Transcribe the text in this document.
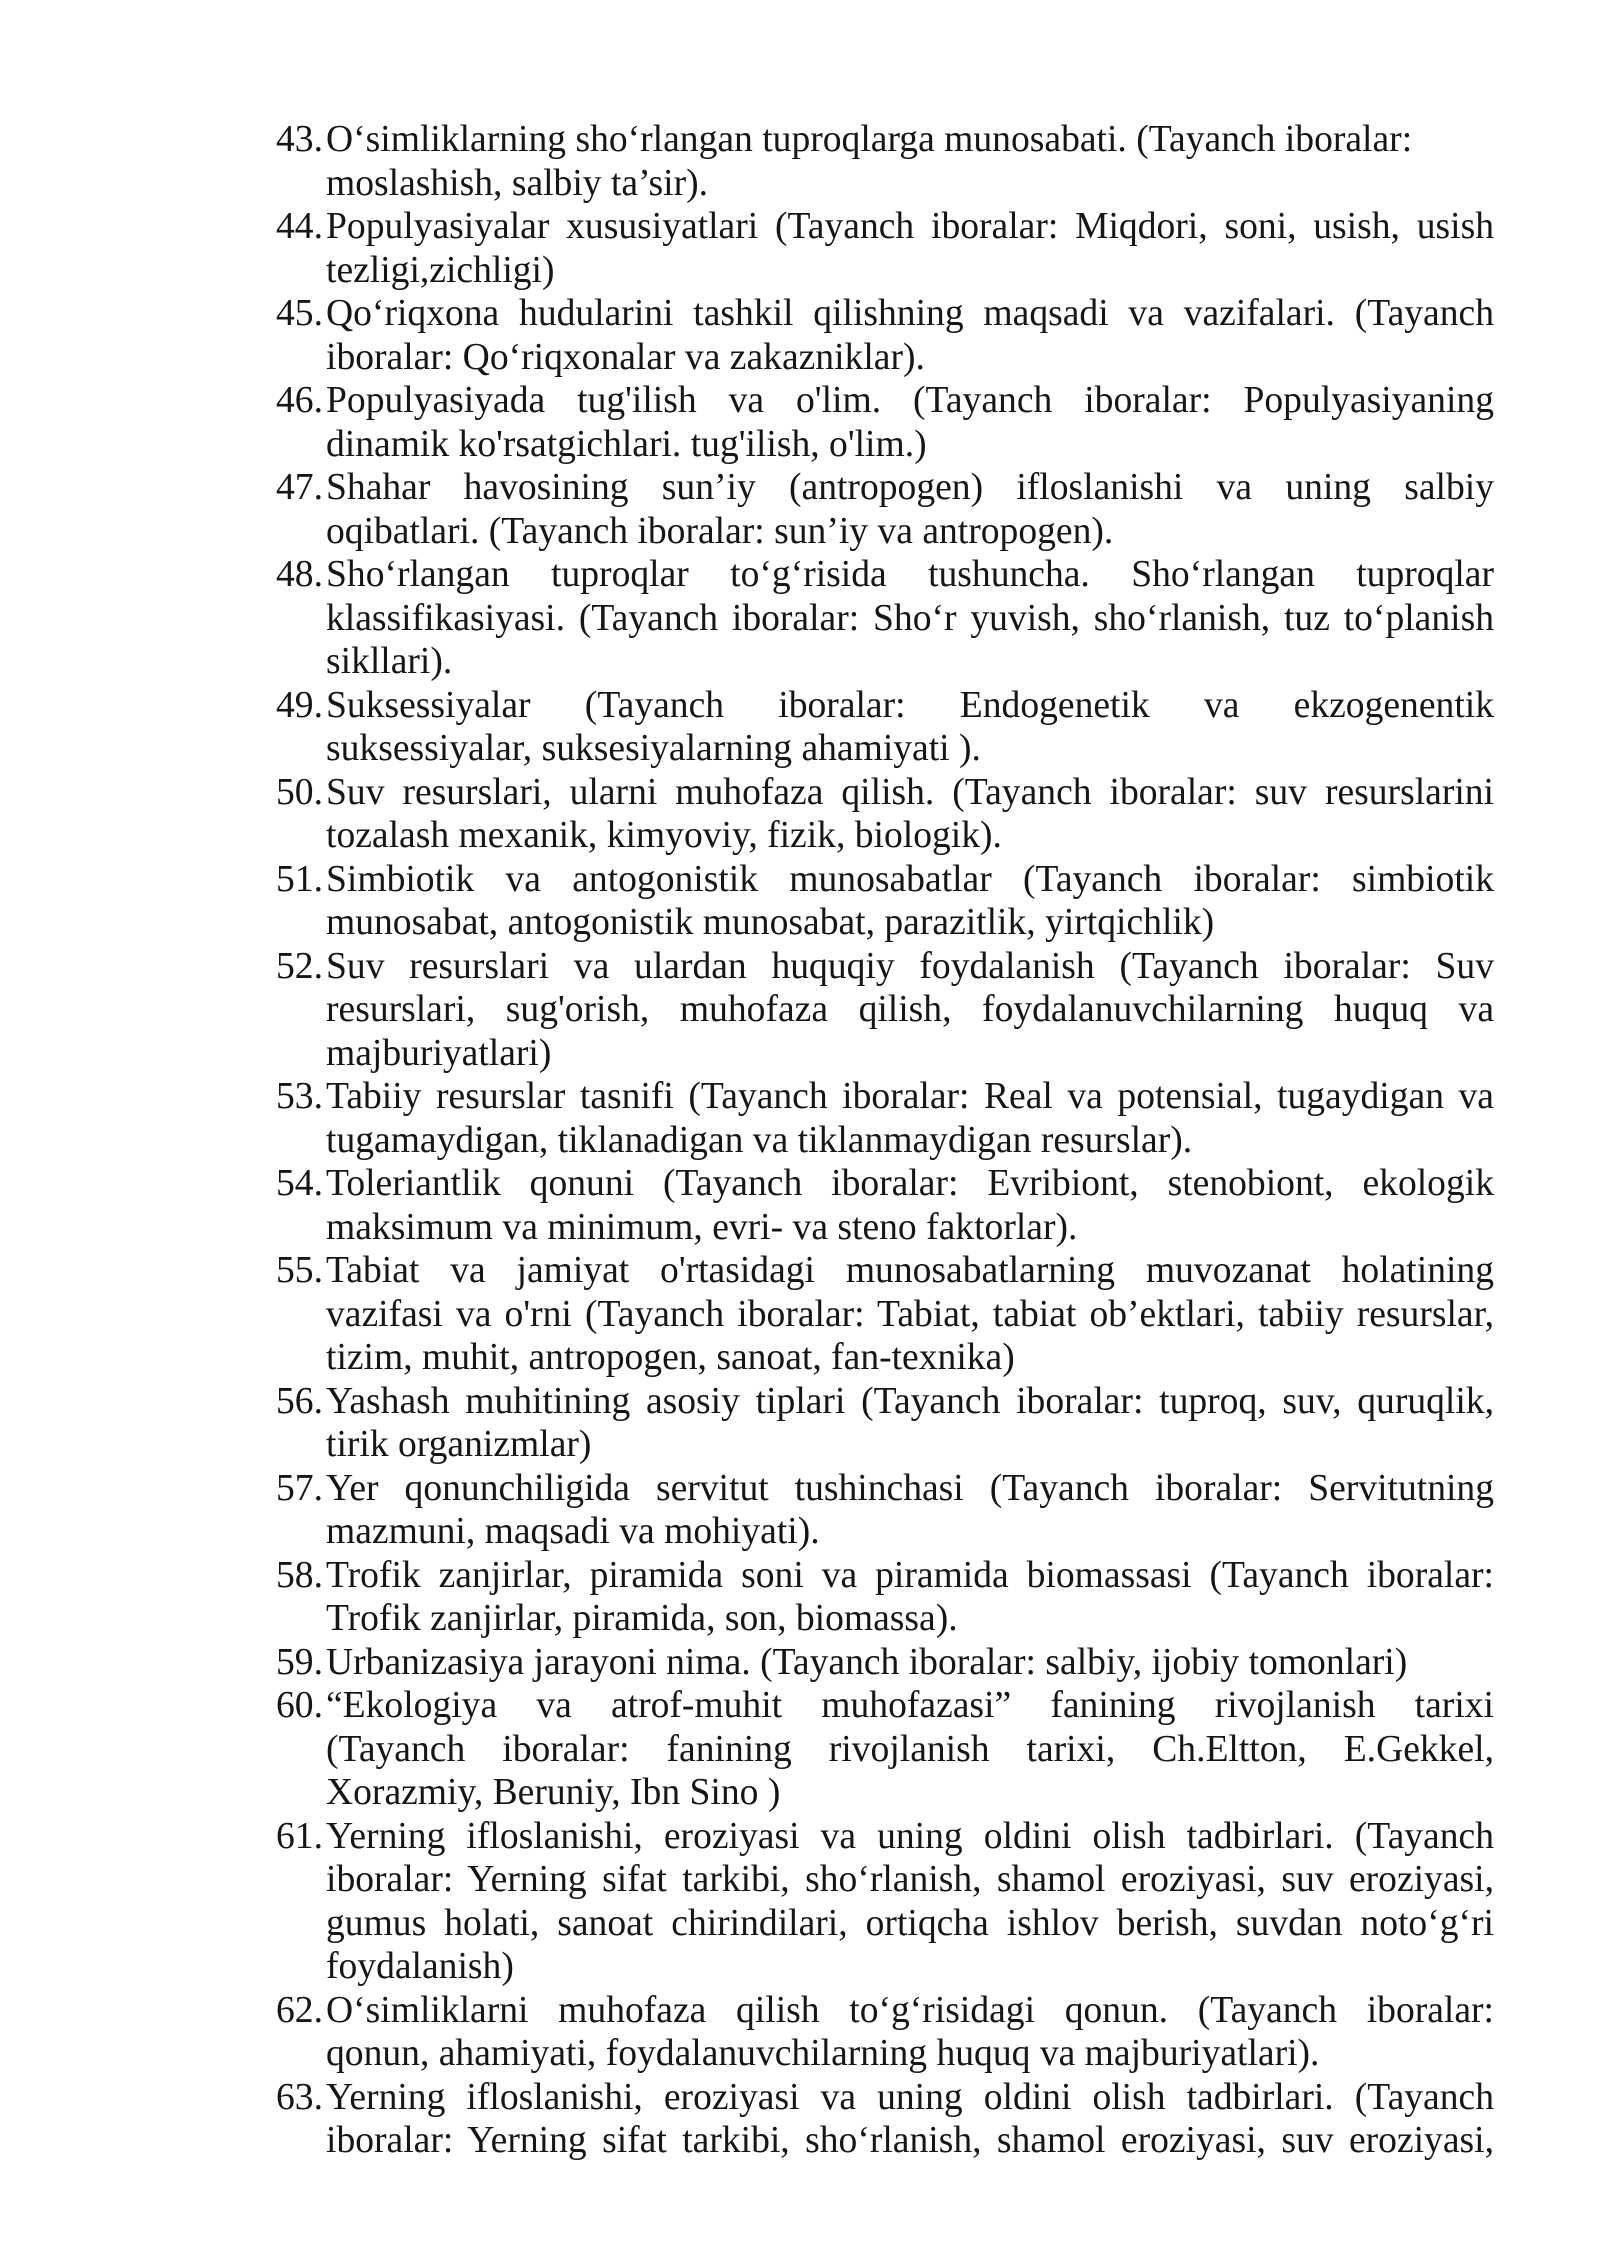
43. O‘simliklarning sho‘rlangan tuproqlarga munosabati. (Tayanch iboralar:
moslashish, salbiy ta’sir).
44. Populyasiyalar xususiyatlari (Tayanch iboralar: Miqdori, soni, usish, usish
tezligi,zichligi)
45. Qo‘riqxona hudularini tashkil qilishning maqsadi va vazifalari. (Tayanch
iboralar: Qo‘riqxonalar va zakazniklar).
46. Populyasiyada tug'ilish va o'lim. (Tayanch iboralar: Populyasiyaning
dinamik ko'rsatgichlari. tug'ilish, o'lim.)
47. Shahar havosining sun’iy (antropogen) ifloslanishi va uning salbiy
oqibatlari. (Tayanch iboralar: sun’iy va antropogen).
48. Sho‘rlangan tuproqlar to‘g‘risida tushuncha. Sho‘rlangan tuproqlar
klassifikasiyasi. (Tayanch iboralar: Sho‘r yuvish, sho‘rlanish, tuz to‘planish
sikllari).
49. Suksessiyalar (Tayanch iboralar: Endogenetik va ekzogenentik
suksessiyalar, suksesiyalarning ahamiyati ).
50. Suv resurslari, ularni muhofaza qilish. (Tayanch iboralar: suv resurslarini
tozalash mexanik, kimyoviy, fizik, biologik).
51. Simbiotik va antogonistik munosabatlar (Tayanch iboralar: simbiotik
munosabat, antogonistik munosabat, parazitlik, yirtqichlik)
52. Suv resurslari va ulardan huquqiy foydalanish (Tayanch iboralar: Suv
resurslari, sug'orish, muhofaza qilish, foydalanuvchilarning huquq va
majburiyatlari)
53. Tabiiy resurslar tasnifi (Tayanch iboralar: Real va potensial, tugaydigan va
tugamaydigan, tiklanadigan va tiklanmaydigan resurslar).
54. Toleriantlik qonuni (Tayanch iboralar: Evribiont, stenobiont, ekologik
maksimum va minimum, evri- va steno faktorlar).
55. Tabiat va jamiyat o'rtasidagi munosabatlarning muvozanat holatining
vazifasi va o'rni (Tayanch iboralar: Tabiat, tabiat ob’ektlari, tabiiy resurslar,
tizim, muhit, antropogen, sanoat, fan-texnika)
56. Yashash muhitining asosiy tiplari (Tayanch iboralar: tuproq, suv, quruqlik,
tirik organizmlar)
57. Yer qonunchiligida servitut tushinchasi (Tayanch iboralar: Servitutning
mazmuni, maqsadi va mohiyati).
58. Trofik zanjirlar, piramida soni va piramida biomassasi (Tayanch iboralar:
Trofik zanjirlar, piramida, son, biomassa).
59. Urbanizasiya jarayoni nima. (Tayanch iboralar: salbiy, ijobiy tomonlari)
60. “Ekologiya va atrof-muhit muhofazasi” fanining rivojlanish tarixi
(Tayanch iboralar: fanining rivojlanish tarixi, Ch.Eltton, E.Gekkel,
Xorazmiy, Beruniy, Ibn Sino )
61. Yerning ifloslanishi, eroziyasi va uning oldini olish tadbirlari. (Tayanch
iboralar: Yerning sifat tarkibi, sho‘rlanish, shamol eroziyasi, suv eroziyasi,
gumus holati, sanoat chirindilari, ortiqcha ishlov berish, suvdan noto‘g‘ri
foydalanish)
62. O‘simliklarni muhofaza qilish to‘g‘risidagi qonun. (Tayanch iboralar:
qonun, ahamiyati, foydalanuvchilarning huquq va majburiyatlari).
63. Yerning ifloslanishi, eroziyasi va uning oldini olish tadbirlari. (Tayanch
iboralar: Yerning sifat tarkibi, sho‘rlanish, shamol eroziyasi, suv eroziyasi,
